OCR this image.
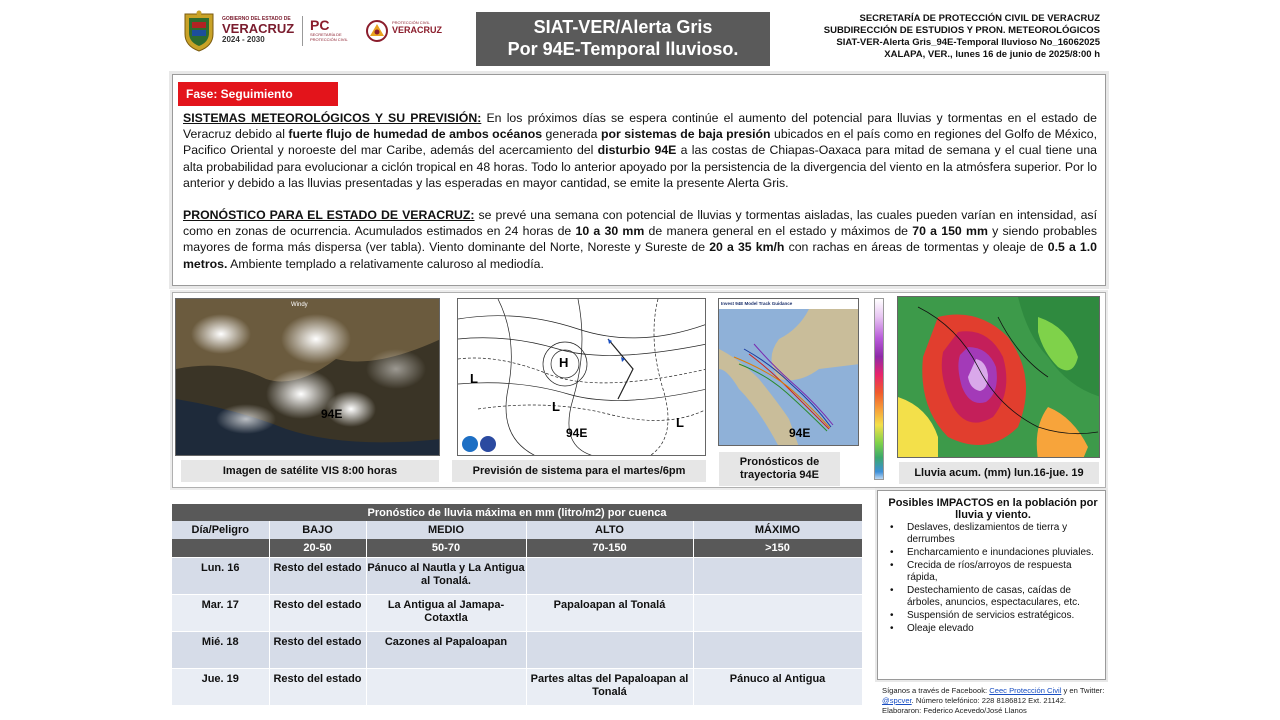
GOBIERNO DEL ESTADO DE
VERACRUZ
2024 - 2030
PC
SECRETARÍA DE PROTECCIÓN CIVIL
PROTECCIÓN CIVIL
VERACRUZ	SIAT-VER/Alerta Gris
Por 94E-Temporal lluvioso.
SECRETARÍA DE PROTECCIÓN CIVIL DE VERACRUZ
SUBDIRECCIÓN DE ESTUDIOS Y PRON. METEOROLÓGICOS
SIAT-VER-Alerta Gris_94E-Temporal lluvioso No_16062025
XALAPA, VER., lunes 16 de junio de 2025/8:00 h
Fase: Seguimiento
SISTEMAS METEOROLÓGICOS Y SU PREVISIÓN: En los próximos días se espera continúe el aumento del potencial para lluvias y tormentas en el estado de Veracruz debido al fuerte flujo de humedad de ambos océanos generada por sistemas de baja presión ubicados en el país como en regiones del Golfo de México, Pacifico Oriental y noroeste del mar Caribe, además del acercamiento del disturbio 94E a las costas de Chiapas-Oaxaca para mitad de semana y el cual tiene una alta probabilidad para evolucionar a ciclón tropical en 48 horas. Todo lo anterior apoyado por la persistencia de la divergencia del viento en la atmósfera superior. Por lo anterior y debido a las lluvias presentadas y las esperadas en mayor cantidad, se emite la presente Alerta Gris.
PRONÓSTICO PARA EL ESTADO DE VERACRUZ: se prevé una semana con potencial de lluvias y tormentas aisladas, las cuales pueden varían en intensidad, así como en zonas de ocurrencia. Acumulados estimados en 24 horas de 10 a 30 mm de manera general en el estado y máximos de 70 a 150 mm y siendo probables mayores de forma más dispersa (ver tabla). Viento dominante del Norte, Noreste y Sureste de 20 a 35 km/h con rachas en áreas de tormentas y oleaje de 0.5 a 1.0 metros. Ambiente templado a relativamente caluroso al mediodía.
Windy
94E
Imagen de satélite VIS 8:00 horas
H
L
L
L
94E
Previsión de sistema para el martes/6pm
Invest 94E Model Track Guidance
94E
Pronósticos de
trayectoria 94E	Lluvia acum. (mm) lun.16-jue. 19
Pronóstico de lluvia máxima en mm (litro/m2) por cuenca				
Día/Peligro	BAJO	MEDIO	ALTO	MÁXIMO
	20-50	50-70	70-150	>150
Lun. 16	Resto del estado	Pánuco al Nautla y La Antigua al Tonalá.		
Mar. 17	Resto del estado	La Antigua al Jamapa-Cotaxtla	Papaloapan al Tonalá	
Mié. 18	Resto del estado	Cazones al Papaloapan		
Jue. 19	Resto del estado		Partes altas del Papaloapan al Tonalá	Pánuco al Antigua
Posibles IMPACTOS en la población por lluvia y viento.
• Deslaves, deslizamientos de tierra y derrumbes
• Encharcamiento e inundaciones pluviales.
• Crecida de ríos/arroyos de respuesta rápida,
• Destechamiento de casas, caídas de árboles, anuncios, espectaculares, etc.
• Suspensión de servicios estratégicos.
• Oleaje elevado
Síganos a través de Facebook: Ceec Protección Civil y en Twitter: @spcver. Número telefónico: 228 8186812 Ext. 21142.
Elaboraron: Federico Acevedo/José Llanos
